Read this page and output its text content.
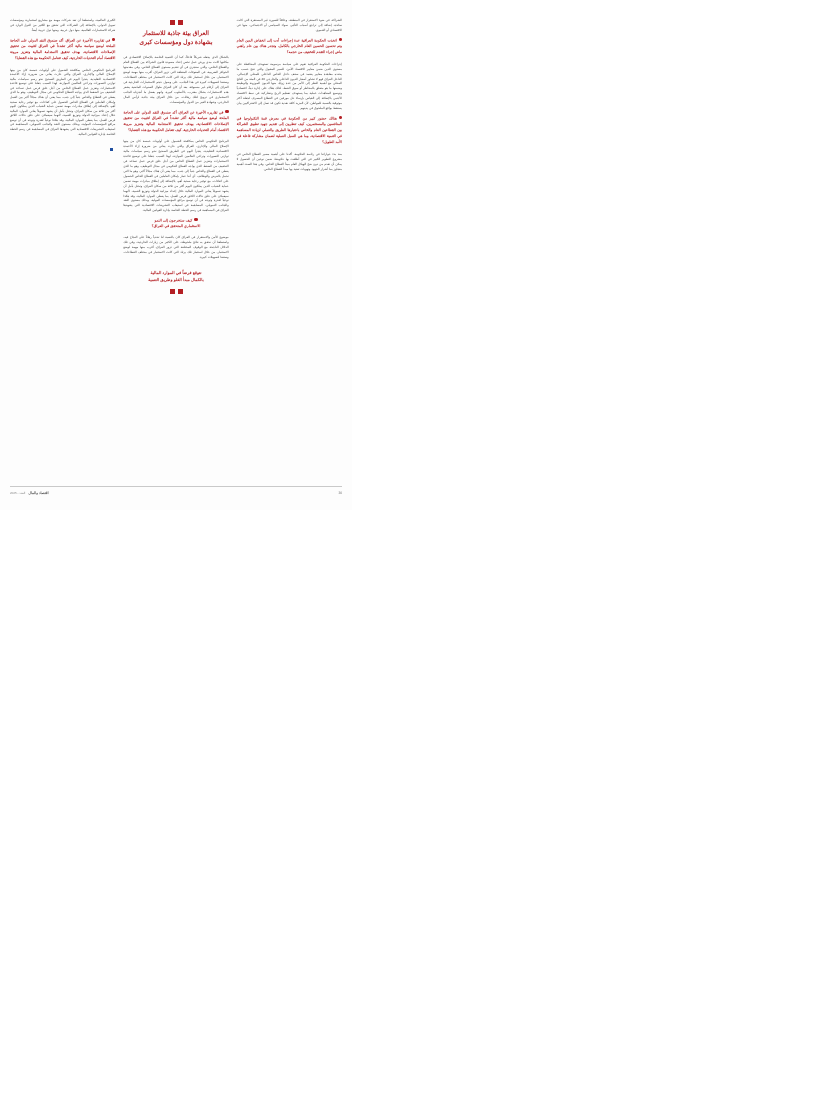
الشراكة، في ضوء الاستقرار في المنطقة، وخلافاً للصورة غير المستقرة التي كانت سائدة، إضافة إلى تراجع أسباب التأثير، سواء السياسي أو الاجتماعي، منها في الاقتصادي أو التنموي.

اتخذت الحكومة العراقية عدة إجراءات أدت إلى انخفاض الدين العام وتم تحسين الحسين العام الخارجي بالكامل، وتجدر هناك بين عام راهني ماض إجراء التقدم للتخفيف من حجمه؟

إجراءات الحكومة العراقية تقوم على سياسة مرسومة تستهدف المحافظة على مستوى الدين ضمن معايير الاقتصاد الأمن، للسير المقبول والتي تنتج حسب ما يحدده معاهدة معايير يعتمد في سقف داخل الخاص الداخلي للمحلي الإجمالي، الداخل العراق فهو لا تشاور أسعار الديون الداخلي والخارجي 40 في المئة من الناتج المحلي مع أهمية النظر إلى الأمر من عدة زوايا، منها الديون الموزونة والوظيفة وضمنها ما هو متعلق بالمخاطر أو سوق النفط، لذلك هناك على إدارة ديناً، اقتصادياً وتوسيع المعاهدات عملية بما يستهدف تعظيم الربح وتشاركية في نمط الاقتصاد الأجنبي بالإضافة إلى القياس بإرساء حل مورفين في القطاع المصرف لجعلة أكثر موثوقية بالنسبة للمواطن، لأن المزيد كافة نقدية تكون قد تصل إلى الاشتراكيين بيان يستقط بواقع الملحوق في يدينهم.

هنالك حضور كبير من الحكومة في معرض قمة التكنولوجيا في المنافسين والمستثمرين، كيف تنظرون إلى تقديم جهود تطبيق الشراكة بين القطاعين العام والخاص باعتبارها الطريق والعملي لزيادة المساهمة في التنمية الاقتصادية، وما هي السبل العملية لضمان مشاركة فاعلة في الأمد الطويل؟

منذ بدء حواراتنا في رئاسة الحكومة، أكدنا على أهمية مصير القطاع الخاص في مشروع التطوير الكبير في التي أطلقت بها حكومتنا، ضمن نوعين أن الحصول لا يمكن أن تقدم من دون ضخ الهيكل العام مبدأ القطاع الخاص، وفي هذا الصدد أهمية متجاوز بما أشرار الجهود وتهويات تنفيذ بها مبدأ القطاع الخاص.

العراق بيئة جاذبة للاستثمار
بشهادة دول ومؤسسات كبرى

بالشكل الذي يجعله شريكاً فاعلاً، كما أن التنمية الخاصة بالإصلاح الاقتصادي في مكانتها كانت مدى ورش عمل تخص إعداد مسودة قانون الشراكة بين القطاع العام والقطاع الخاص، والتي ستجري في أي تقديم مستوى القطاع الخاص، وفي مقدمتها الحوافز الضريبية، في المعوقات المتعلقة التي تزور العراق، أقرب منها مهمة لوضع الاستثمار، من خلال استثمار تلك يرتاد التي كانت الاستثمار في مختلف القطاعات، وستعنا لتسهيلات كبيرة في هذا الجانب، على وصول حجم الاستثمارات الخارجية في العراق إلى أرقام غير مسبوقة، بعد أن كان العراق طوال السنوات الماضية يشعر هذه الاستثمارات بشكل مغترب، بالأسلوب كبيرة، وانهم بفضل ما أنجزناه الجانب الاستثماري في ترويج لتلك رهانات، من خلال العراق بيئة جاذبة لرأس المال الخارجي، وشهادة الغير من الدول والمؤسسات.

في تقاريره الأخيرة عن العراق، أكد صندوق النقد الدولي على الحاجة الملحة لوضع سياسة مالية أكثر تشدداً في العراق لتثبيت من تحقيق الإصلاحات الاقتصادية، بهدف تحقيق الاستدامة المالية وتعزيز مرونة الاقتصاد أمام التحديات الخارجية، كيف تتعامل الحكومة مع هذه القضايا؟

البرنامج الحكومي الخاص بمكافحة الشمول على أولويات خمسة كان من بينها الإصلاح المالي والإداري، العراق والتي حازت يعاني من ضرورة إزاء الأعمدة الاقتصادية التقليدية، يتجرأ اليوم في الطريق الصحيح نحو رسم سياسات مالية توازني التصورات وتراعي العالمين الموازنة، لهذا السبب جعلنا على توسيع قاعدة الاستثمارات وتعزيز عمل القطاع الخاص من أجل خلق فرص عمل تساعد في التخفيف من الضغط الذي يواجه القطاع الحكومي في مجال التوظيف، وهو ما الذي يعطي في القطاع والخاص جنباً إلى جنب، مما يعني أن هناك مجالاً أكبر، وهو ما التي تحمل بالعرض والوظائف، أي أننا عمار بإمكان العاملين في القطاع الخاص الحصول على كفاءات، مع توفير رعاية صحية أهم، بالإضافة إلى إطلاق مبادرات مهمة تضمن حماية الشباب الذين يملكون اليوم أكثر من ثلاثة من سكان العراق، وتحتل بأمل أن يشهد تسويلاً يعاني الموارد المالية خلال إعداد ميزانية الدولة وتوزيع التنمية، لأنهما سيعملان على خلق حالات اللائق فرص العمل، بما يعطي الموارد المالية، وقد هكذا نوعياً لقدرة وتوجه في أن توسع مرافع المؤسسات المولية، وبذلك مستوى النقد والجانب التمويلي، المساهمة في استيعاب التشريعات الاقتصادية التي يشهدها العراق في المساهمة في رسم الخطة الخاصة بإدارة القوانين المالية.

كيف ستخرجون إلى النمو
الاستثماري المتحقق في العراق؟

موضوع الأمن والاستقرار في العراق كان بالنسبة لنا تحدياً رهاناً على النجاح فيه، واستطعنا أن نحقق به نتائج ملحوظة، على الكثير من زيارات الخارجية، وفي تلك الدلائل الناجحة مع الوقوف المختلفة التي تزور العراق، أقرب منها مهمة لوضع الاستثمار، من خلال استثمار تلك يرتاد التي كانت الاستثمار في مختلف القطاعات، وستعنا لتسهيلات كبيرة.

نتوقع فرضاً في الموارد المالية
بالكمال مبدأ الغلو وطريق التنمية

الكبرى العالمية، واستطعنا أن تعد شركات مهمة مع مشاريع استثمارية ومؤسسات تمويل الدولي، بالإضافة إلى الشركات التي تحقق مع الكثير من الدول الوارد في شركة الاستثمارات العالمية، منها دول عربية، ومنها دول عربية أيضاً.

في تقاريره الأخيرة عن العراق، أكد صندوق النقد الدولي على الحاجة الملحة لوضع سياسة مالية أكثر تشدداً في العراق لتثبيت من تحقيق الإصلاحات الاقتصادية، بهدف تحقيق الاستدامة المالية وتعزيز مرونة الاقتصاد أمام التحديات الخارجية، كيف تتعامل الحكومة مع هذه القضايا؟

البرنامج الحكومي الخاص بمكافحة الشمول على أولويات خمسة كان من بينها الإصلاح المالي والإداري، العراق والتي حازت يعاني من ضرورة إزاء الأعمدة الاقتصادية التقليدية، يتجرأ اليوم في الطريق الصحيح نحو رسم سياسات مالية توازني التصورات وتراعي العالمين الموازنة، لهذا السبب جعلنا على توسيع قاعدة الاستثمارات وتعزيز عمل القطاع الخاص من أجل خلق فرص عمل تساعد في التخفيف من الضغط الذي يواجه القطاع الحكومي في مجال التوظيف، وهو ما الذي يعطي في القطاع والخاص جنباً إلى جنب، مما يعني أن هناك مجالاً أكبر بين العمل وإمكان العاملين في القطاع الخاص الحصول على كفاءات، مع توفير رعاية صحية أهم، بالإضافة إلى إطلاق مبادرات مهمة تضمن حماية الشباب الذين يملكون اليوم أكثر من ثلاثة من سكان العراق، وتحتل بأمل أن يشهد تسويلاً يعاني الموارد المالية خلال إعداد ميزانية الدولة وتوزيع التنمية، لأنهما سيعملان على خلق حالات اللائق فرص العمل، بما يعطي الموارد المالية، وقد هكذا نوعياً لقدرة وتوجه في أن توسع مرافع المؤسسات المولية، وبذلك مستوى النقد والجانب التمويلي، المساهمة في استيعاب التشريعات الاقتصادية التي يشهدها العراق في المساهمة في رسم الخطة الخاصة بإدارة القوانين المالية.

36
اقتصاد والمال العدد ـ 2025
